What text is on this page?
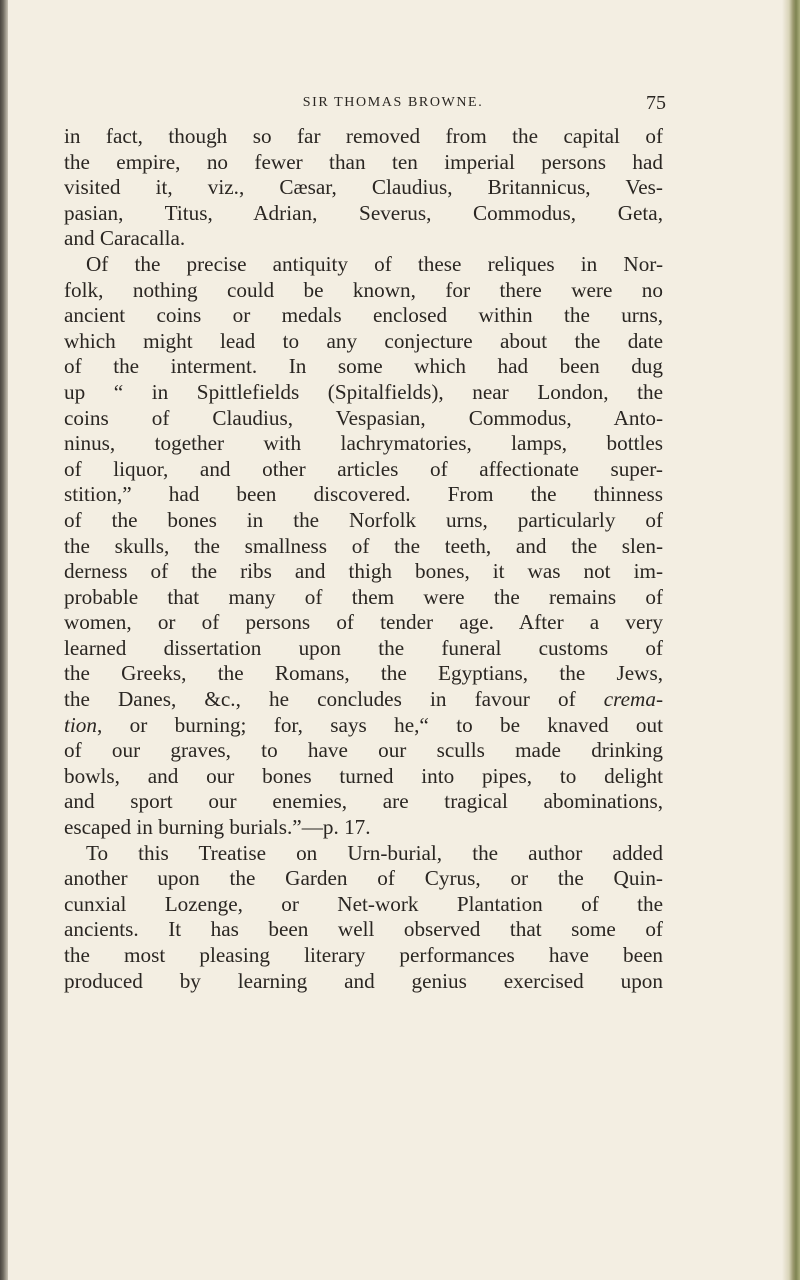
SIR THOMAS BROWNE.	75
in fact, though so far removed from the capital of
the empire, no fewer than ten imperial persons had
visited it, viz., Cæsar, Claudius, Britannicus, Ves-
pasian, Titus, Adrian, Severus, Commodus, Geta,
and Caracalla.
Of the precise antiquity of these reliques in Nor-
folk, nothing could be known, for there were no
ancient coins or medals enclosed within the urns,
which might lead to any conjecture about the date
of the interment. In some which had been dug
up “ in Spittlefields (Spitalfields), near London, the
coins of Claudius, Vespasian, Commodus, Anto-
ninus, together with lachrymatories, lamps, bottles
of liquor, and other articles of affectionate super-
stition,” had been discovered. From the thinness
of the bones in the Norfolk urns, particularly of
the skulls, the smallness of the teeth, and the slen-
derness of the ribs and thigh bones, it was not im-
probable that many of them were the remains of
women, or of persons of tender age. After a very
learned dissertation upon the funeral customs of
the Greeks, the Romans, the Egyptians, the Jews,
the Danes, &c., he concludes in favour of crema-
tion, or burning; for, says he,“ to be knaved out
of our graves, to have our sculls made drinking
bowls, and our bones turned into pipes, to delight
and sport our enemies, are tragical abominations,
escaped in burning burials.”—p. 17.
To this Treatise on Urn-burial, the author added
another upon the Garden of Cyrus, or the Quin-
cunxial Lozenge, or Net-work Plantation of the
ancients. It has been well observed that some of
the most pleasing literary performances have been
produced by learning and genius exercised upon
